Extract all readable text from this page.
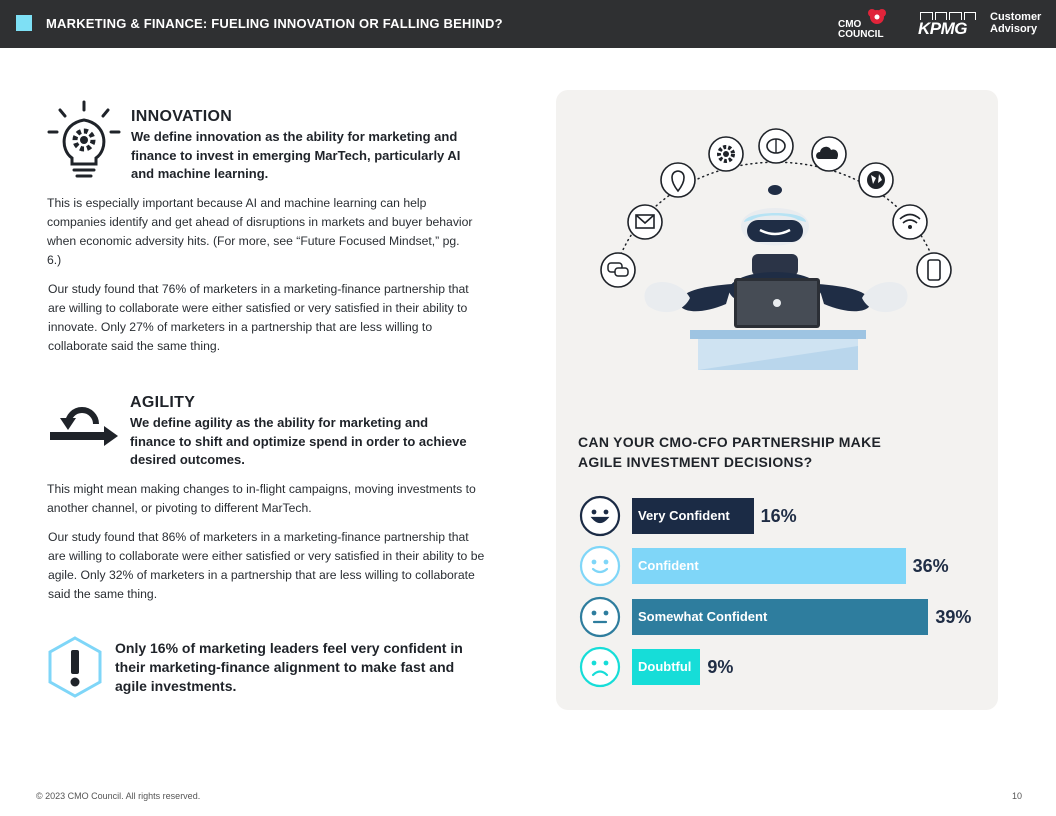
MARKETING & FINANCE: FUELING INNOVATION OR FALLING BEHIND?	CMO
COUNCIL KPMG
Customer
Advisory
INNOVATION
We define innovation as the ability for marketing and finance to invest in emerging MarTech, particularly AI and machine learning.
This is especially important because AI and machine learning can help companies identify and get ahead of disruptions in markets and buyer behavior when economic adversity hits. (For more, see “Future Focused Mindset,” pg. 6.)
Our study found that 76% of marketers in a marketing-finance partnership that are willing to collaborate were either satisfied or very satisfied in their ability to innovate. Only 27% of marketers in a partnership that are less willing to collaborate said the same thing.
AGILITY
We define agility as the ability for marketing and finance to shift and optimize spend in order to achieve desired outcomes.
This might mean making changes to in-flight campaigns, moving investments to another channel, or pivoting to different MarTech.
Our study found that 86% of marketers in a marketing-finance partnership that are willing to collaborate were either satisfied or very satisfied in their ability to be agile. Only 32% of marketers in a partnership that are less willing to collaborate said the same thing.
Only 16% of marketing leaders feel very confident in their marketing-finance alignment to make fast and agile investments.
CAN YOUR CMO-CFO PARTNERSHIP MAKE AGILE INVESTMENT DECISIONS?
Very Confident 16%
Confident	36%
Somewhat Confident	39%
Doubtful 9%
© 2023 CMO Council. All rights reserved.	10
